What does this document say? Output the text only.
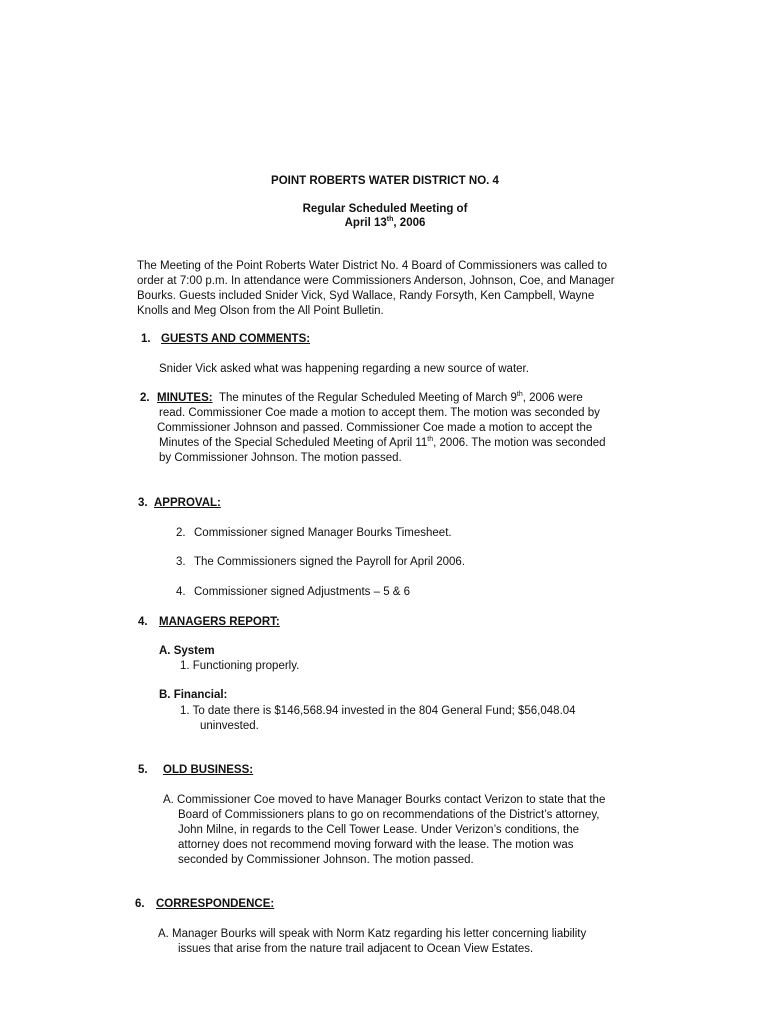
POINT ROBERTS WATER DISTRICT NO. 4
Regular Scheduled Meeting of
April 13th, 2006
The Meeting of the Point Roberts Water District No. 4 Board of Commissioners was called to
order at 7:00 p.m. In attendance were Commissioners Anderson, Johnson, Coe, and Manager
Bourks. Guests included Snider Vick, Syd Wallace, Randy Forsyth, Ken Campbell, Wayne
Knolls and Meg Olson from the All Point Bulletin.
1. GUESTS AND COMMENTS:
Snider Vick asked what was happening regarding a new source of water.
2. MINUTES: The minutes of the Regular Scheduled Meeting of March 9th, 2006 were
read. Commissioner Coe made a motion to accept them. The motion was seconded by
Commissioner Johnson and passed. Commissioner Coe made a motion to accept the
Minutes of the Special Scheduled Meeting of April 11th, 2006. The motion was seconded
by Commissioner Johnson. The motion passed.
3. APPROVAL:
2. Commissioner signed Manager Bourks Timesheet.
3. The Commissioners signed the Payroll for April 2006.
4. Commissioner signed Adjustments – 5 & 6
4. MANAGERS REPORT:
A. System
1. Functioning properly.
B. Financial:
1. To date there is $146,568.94 invested in the 804 General Fund; $56,048.04
uninvested.
5. OLD BUSINESS:
A. Commissioner Coe moved to have Manager Bourks contact Verizon to state that the
Board of Commissioners plans to go on recommendations of the District’s attorney,
John Milne, in regards to the Cell Tower Lease. Under Verizon’s conditions, the
attorney does not recommend moving forward with the lease. The motion was
seconded by Commissioner Johnson. The motion passed.
6. CORRESPONDENCE:
A. Manager Bourks will speak with Norm Katz regarding his letter concerning liability
issues that arise from the nature trail adjacent to Ocean View Estates.
